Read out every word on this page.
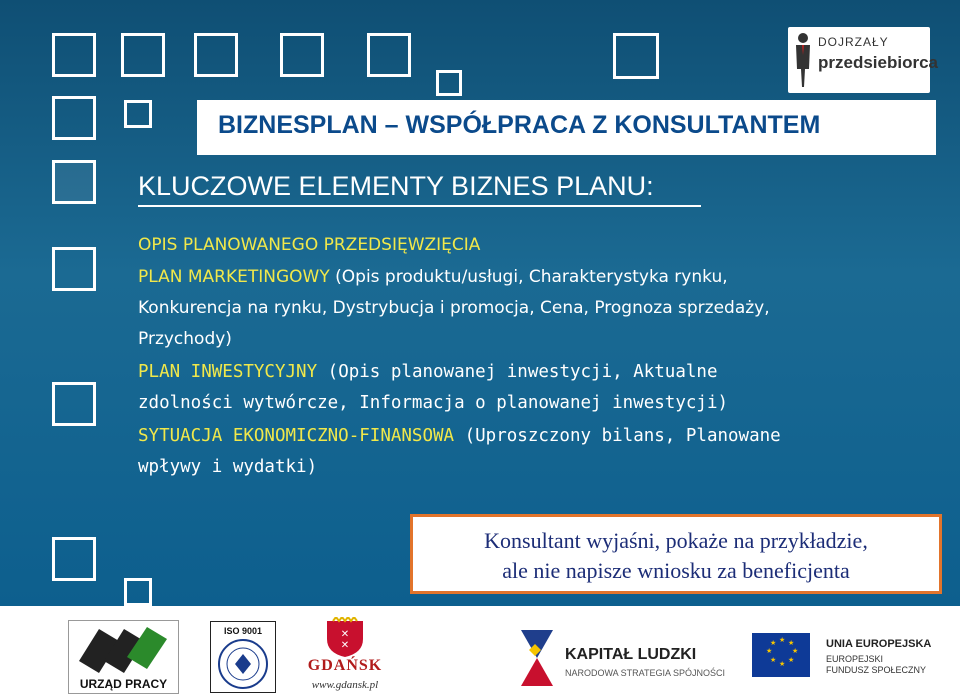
DOJRZAŁY
przedsiebiorca
BIZNESPLAN – WSPÓŁPRACA Z KONSULTANTEM
KLUCZOWE ELEMENTY BIZNES PLANU:
OPIS PLANOWANEGO PRZEDSIĘWZIĘCIA
PLAN MARKETINGOWY (Opis produktu/usługi, Charakterystyka rynku, Konkurencja na rynku, Dystrybucja i promocja, Cena, Prognoza sprzedaży, Przychody)
PLAN INWESTYCYJNY (Opis planowanej inwestycji, Aktualne zdolności wytwórcze, Informacja o planowanej inwestycji)
SYTUACJA EKONOMICZNO-FINANSOWA (Uproszczony bilans, Planowane wpływy i wydatki)
Konsultant wyjaśni, pokaże na przykładzie,
ale nie napisze wniosku za beneficjenta
URZĄD PRACY
ISO 9001	✕
✕
GDAŃSK
www.gdansk.pl
KAPITAŁ LUDZKI
NARODOWA STRATEGIA SPÓJNOŚCI
★ ★
★
★
★
★
★
★	UNIA EUROPEJSKA
EUROPEJSKI
FUNDUSZ SPOŁECZNY
